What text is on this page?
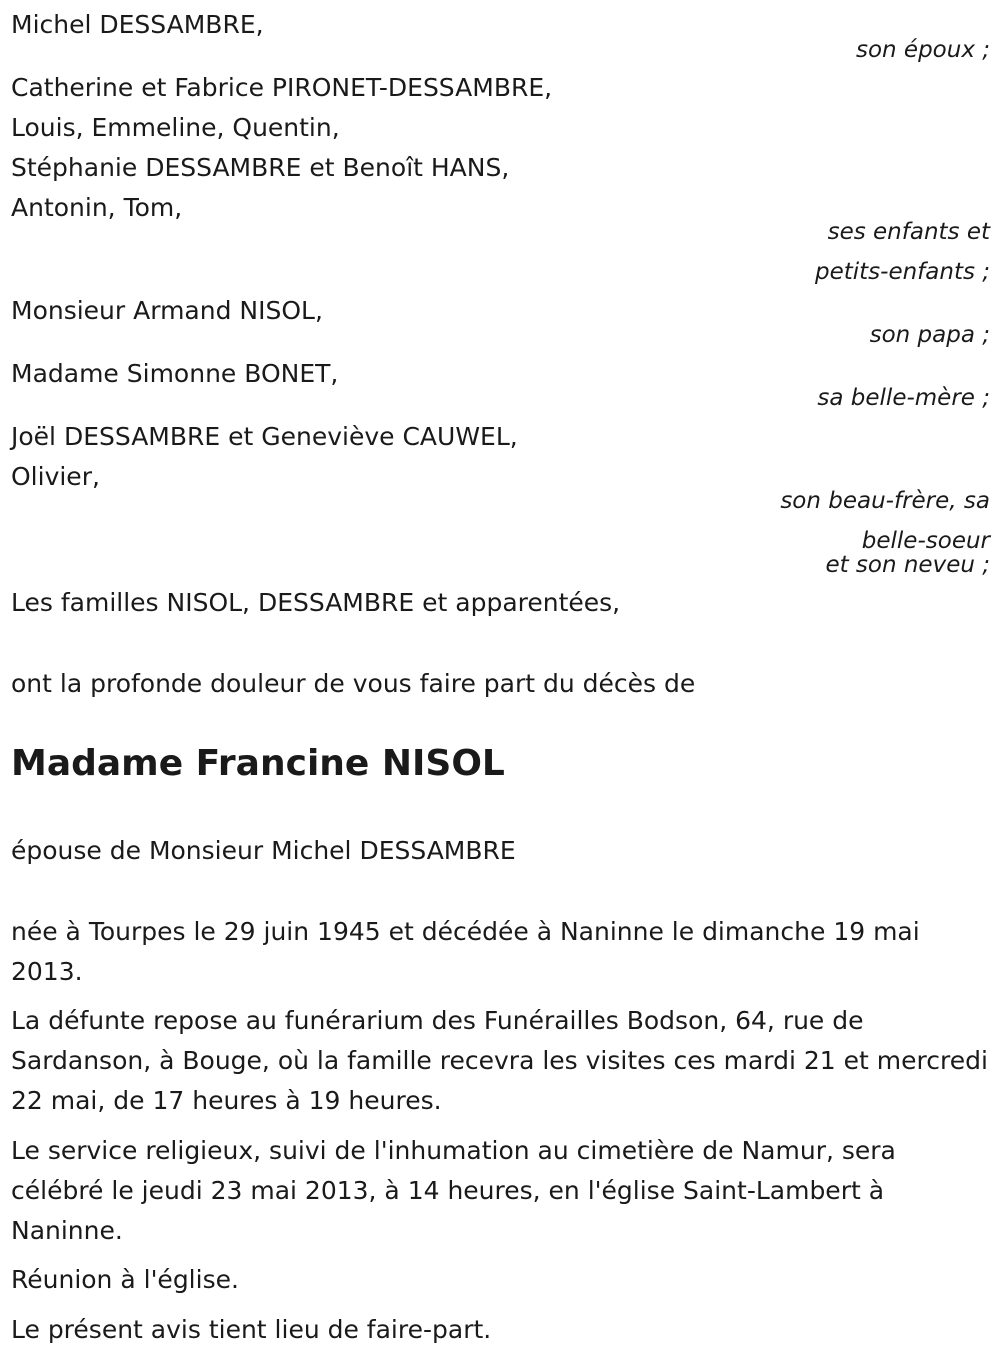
Michel DESSAMBRE,
son époux ;
Catherine et Fabrice PIRONET-DESSAMBRE,
Louis, Emmeline, Quentin,
Stéphanie DESSAMBRE et Benoît HANS,
Antonin, Tom,
ses enfants et
petits-enfants ;
Monsieur Armand NISOL,
son papa ;
Madame Simonne BONET,
sa belle-mère ;
Joël DESSAMBRE et Geneviève CAUWEL,
Olivier,
son beau-frère, sa
belle-soeur
et son neveu ;
Les familles NISOL, DESSAMBRE et apparentées,
ont la profonde douleur de vous faire part du décès de
Madame Francine NISOL
épouse de Monsieur Michel DESSAMBRE
née à Tourpes le 29 juin 1945 et décédée à Naninne le dimanche 19 mai 2013.
La défunte repose au funérarium des Funérailles Bodson, 64, rue de Sardanson, à Bouge, où la famille recevra les visites ces mardi 21 et mercredi 22 mai, de 17 heures à 19 heures.
Le service religieux, suivi de l'inhumation au cimetière de Namur, sera célébré le jeudi 23 mai 2013, à 14 heures, en l'église Saint-Lambert à Naninne.
Réunion à l'église.
Le présent avis tient lieu de faire-part.
